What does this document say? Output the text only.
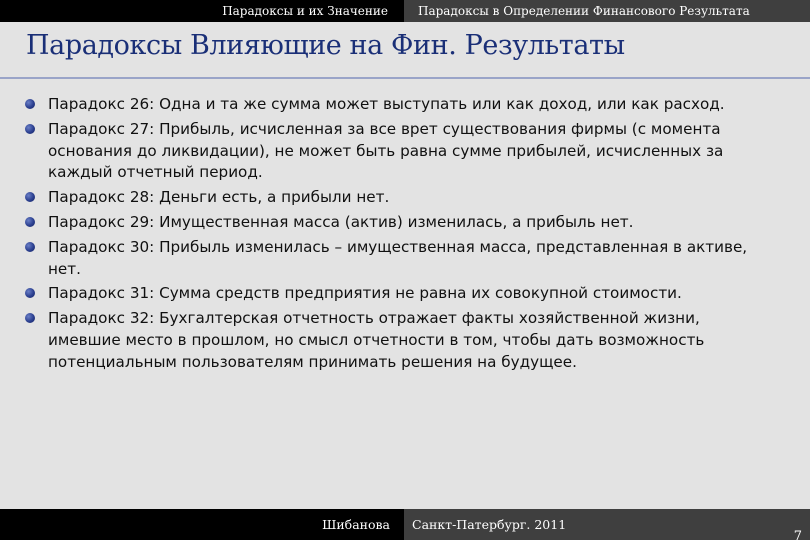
Парадоксы и их Значение	Парадоксы в Определении Финансового Результата
Парадоксы Влияющие на Фин. Результаты
Парадокс 26: Одна и та же сумма может выступать или как доход, или как расход.
Парадокс 27: Прибыль, исчисленная за все врет существования фирмы (с момента основания до ликвидации), не может быть равна сумме прибылей, исчисленных за каждый отчетный период.
Парадокс 28: Деньги есть, а прибыли нет.
Парадокс 29: Имущественная масса (актив) изменилась, а прибыль нет.
Парадокс 30: Прибыль изменилась – имущественная масса, представленная в активе, нет.
Парадокс 31: Сумма средств предприятия не равна их совокупной стоимости.
Парадокс 32: Бухгалтерская отчетность отражает факты хозяйственной жизни, имевшие место в прошлом, но смысл отчетности в том, чтобы дать возможность потенциальным пользователям принимать решения на будущее.
Шибанова	Санкт-Патербург. 2011
7
